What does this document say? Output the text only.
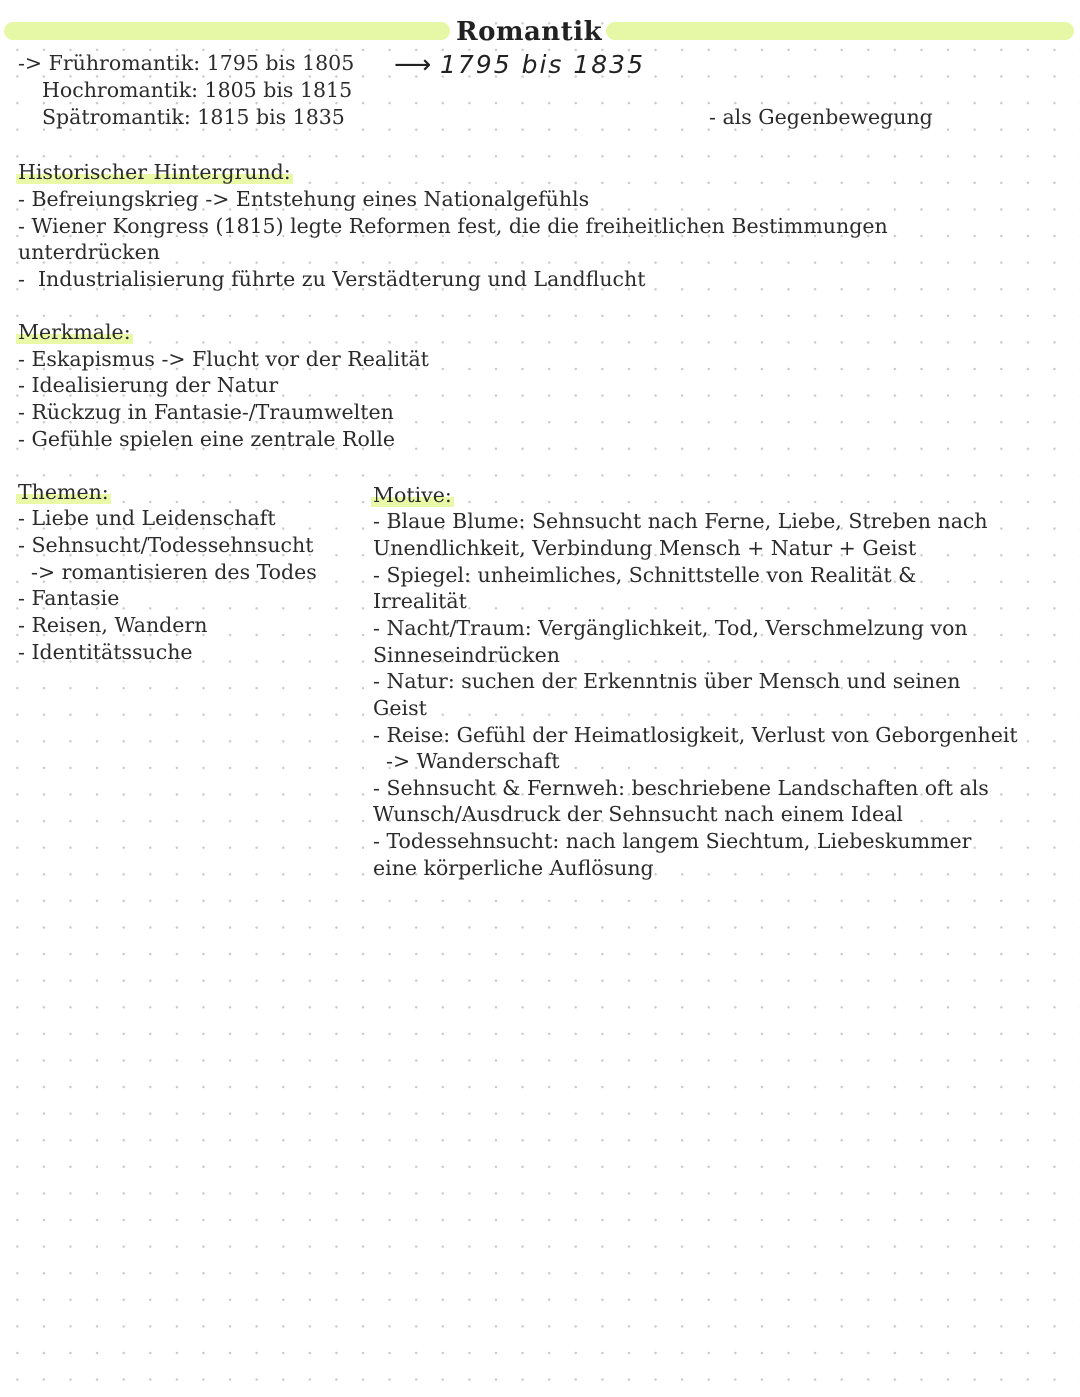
Romantik
-> Frühromantik: 1795 bis 1805
Hochromantik: 1805 bis 1815
Spätromantik: 1815 bis 1835
⟶ 1795 bis 1835
- als Gegenbewegung
Historischer Hintergrund:
- Befreiungskrieg -> Entstehung eines Nationalgefühls
- Wiener Kongress (1815) legte Reformen fest, die die freiheitlichen Bestimmungen
unterdrücken
-  Industrialisierung führte zu Verstädterung und Landflucht
Merkmale:
- Eskapismus -> Flucht vor der Realität
- Idealisierung der Natur
- Rückzug in Fantasie-/Traumwelten
- Gefühle spielen eine zentrale Rolle
Themen:
- Liebe und Leidenschaft
- Sehnsucht/Todessehnsucht
-> romantisieren des Todes
- Fantasie
- Reisen, Wandern
- Identitätssuche
Motive:
- Blaue Blume: Sehnsucht nach Ferne, Liebe, Streben nach
Unendlichkeit, Verbindung Mensch + Natur + Geist
- Spiegel: unheimliches, Schnittstelle von Realität &
Irrealität
- Nacht/Traum: Vergänglichkeit, Tod, Verschmelzung von
Sinneseindrücken
- Natur: suchen der Erkenntnis über Mensch und seinen
Geist
- Reise: Gefühl der Heimatlosigkeit, Verlust von Geborgenheit
-> Wanderschaft
- Sehnsucht & Fernweh: beschriebene Landschaften oft als
Wunsch/Ausdruck der Sehnsucht nach einem Ideal
- Todessehnsucht: nach langem Siechtum, Liebeskummer
eine körperliche Auflösung
